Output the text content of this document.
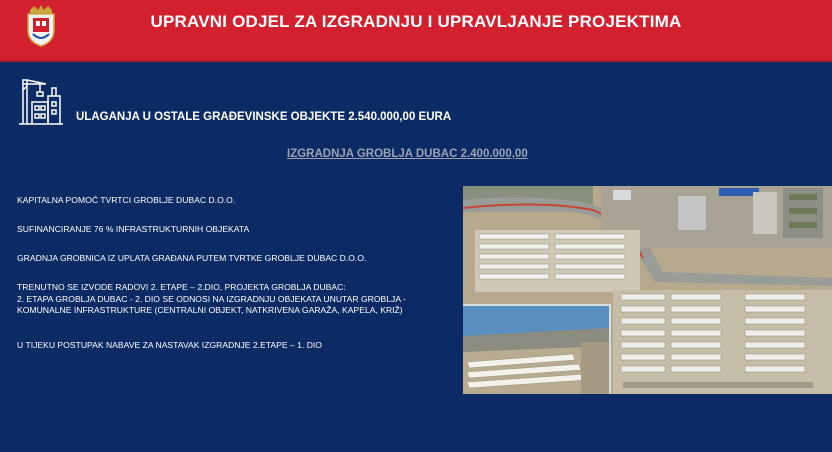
UPRAVNI ODJEL ZA IZGRADNJU I UPRAVLJANJE PROJEKTIMA
ULAGANJA U OSTALE GRAĐEVINSKE OBJEKTE 2.540.000,00 EURA
IZGRADNJA GROBLJA DUBAC 2.400.000,00

KAPITALNA POMOĆ TVRTCI GROBLJE DUBAC D.O.O.

SUFINANCIRANJE 76 % INFRASTRUKTURNIH OBJEKATA

GRADNJA GROBNICA IZ UPLATA GRAĐANA PUTEM TVRTKE GROBLJE DUBAC D.O.O.

TRENUTNO SE IZVODE RADOVI 2. ETAPE – 2.DIO, PROJEKTA GROBLJA DUBAC:
2. ETAPA GROBLJA DUBAC - 2. DIO SE ODNOSI NA IZGRADNJU OBJEKATA UNUTAR GROBLJA - KOMUNALNE INFRASTRUKTURE (CENTRALNI OBJEKT, NATKRIVENA GARAŽA, KAPELA, KRIŽ)

U TIJEKU POSTUPAK NABAVE ZA NASTAVAK IZGRADNJE 2.ETAPE – 1. DIO
